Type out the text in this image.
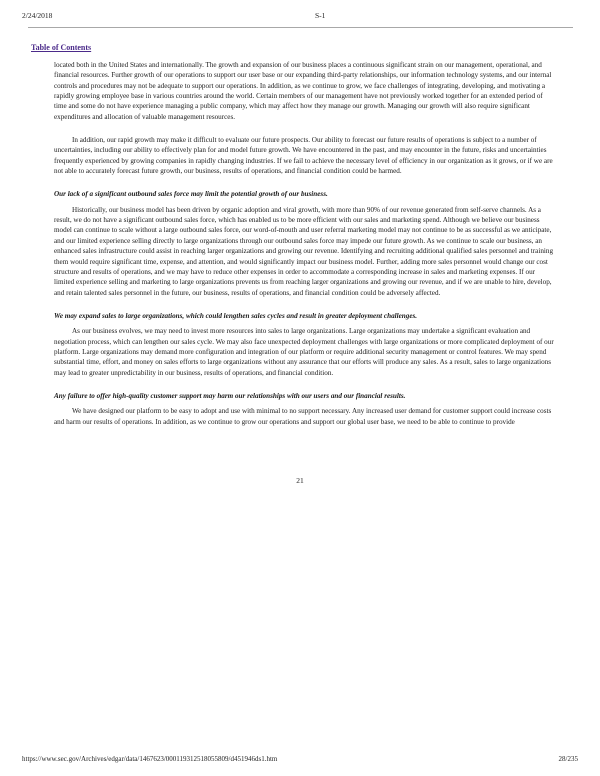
2/24/2018	S-1
Table of Contents

located both in the United States and internationally. The growth and expansion of our business places a continuous significant strain on our management, operational, and financial resources. Further growth of our operations to support our user base or our expanding third-party relationships, our information technology systems, and our internal controls and procedures may not be adequate to support our operations. In addition, as we continue to grow, we face challenges of integrating, developing, and motivating a rapidly growing employee base in various countries around the world. Certain members of our management have not previously worked together for an extended period of time and some do not have experience managing a public company, which may affect how they manage our growth. Managing our growth will also require significant expenditures and allocation of valuable management resources.

In addition, our rapid growth may make it difficult to evaluate our future prospects. Our ability to forecast our future results of operations is subject to a number of uncertainties, including our ability to effectively plan for and model future growth. We have encountered in the past, and may encounter in the future, risks and uncertainties frequently experienced by growing companies in rapidly changing industries. If we fail to achieve the necessary level of efficiency in our organization as it grows, or if we are not able to accurately forecast future growth, our business, results of operations, and financial condition could be harmed.

Our lack of a significant outbound sales force may limit the potential growth of our business.

Historically, our business model has been driven by organic adoption and viral growth, with more than 90% of our revenue generated from self-serve channels. As a result, we do not have a significant outbound sales force, which has enabled us to be more efficient with our sales and marketing spend. Although we believe our business model can continue to scale without a large outbound sales force, our word-of-mouth and user referral marketing model may not continue to be as successful as we anticipate, and our limited experience selling directly to large organizations through our outbound sales force may impede our future growth. As we continue to scale our business, an enhanced sales infrastructure could assist in reaching larger organizations and growing our revenue. Identifying and recruiting additional qualified sales personnel and training them would require significant time, expense, and attention, and would significantly impact our business model. Further, adding more sales personnel would change our cost structure and results of operations, and we may have to reduce other expenses in order to accommodate a corresponding increase in sales and marketing expenses. If our limited experience selling and marketing to large organizations prevents us from reaching larger organizations and growing our revenue, and if we are unable to hire, develop, and retain talented sales personnel in the future, our business, results of operations, and financial condition could be adversely affected.

We may expand sales to large organizations, which could lengthen sales cycles and result in greater deployment challenges.

As our business evolves, we may need to invest more resources into sales to large organizations. Large organizations may undertake a significant evaluation and negotiation process, which can lengthen our sales cycle. We may also face unexpected deployment challenges with large organizations or more complicated deployment of our platform. Large organizations may demand more configuration and integration of our platform or require additional security management or control features. We may spend substantial time, effort, and money on sales efforts to large organizations without any assurance that our efforts will produce any sales. As a result, sales to large organizations may lead to greater unpredictability in our business, results of operations, and financial condition.

Any failure to offer high-quality customer support may harm our relationships with our users and our financial results.

We have designed our platform to be easy to adopt and use with minimal to no support necessary. Any increased user demand for customer support could increase costs and harm our results of operations. In addition, as we continue to grow our operations and support our global user base, we need to be able to continue to provide

21
https://www.sec.gov/Archives/edgar/data/1467623/000119312518055809/d451946ds1.htm	28/235
